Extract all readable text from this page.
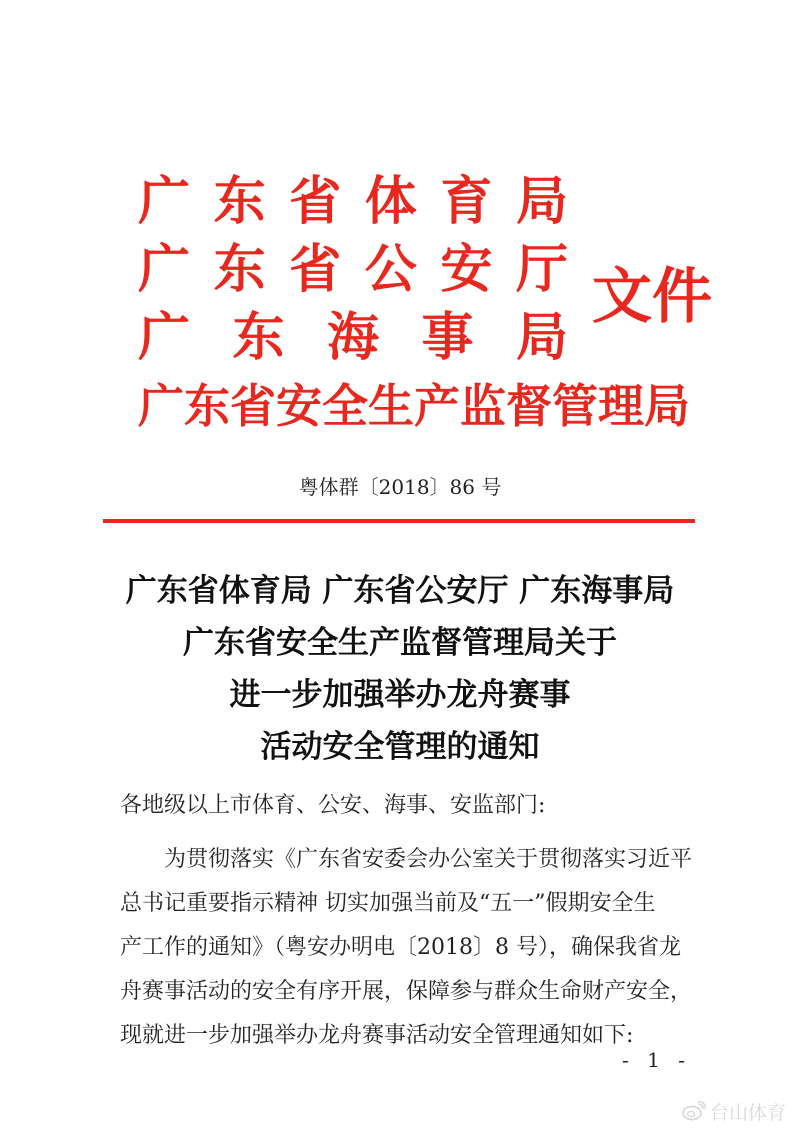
广 东 省 体 育 局
广 东 省 公 安 厅
广 东 海 事 局
广东省安全生产监督管理局
文件
粤体群〔2018〕86 号
广东省体育局 广东省公安厅 广东海事局
广东省安全生产监督管理局关于
进一步加强举办龙舟赛事
活动安全管理的通知
各地级以上市体育、公安、海事、安监部门:
为贯彻落实《广东省安委会办公室关于贯彻落实习近平
总书记重要指示精神 切实加强当前及“五一”假期安全生
产工作的通知》（粤安办明电〔2018〕8 号），确保我省龙
舟赛事活动的安全有序开展，保障参与群众生命财产安全，
现就进一步加强举办龙舟赛事活动安全管理通知如下:
- 1 -
台山体育
